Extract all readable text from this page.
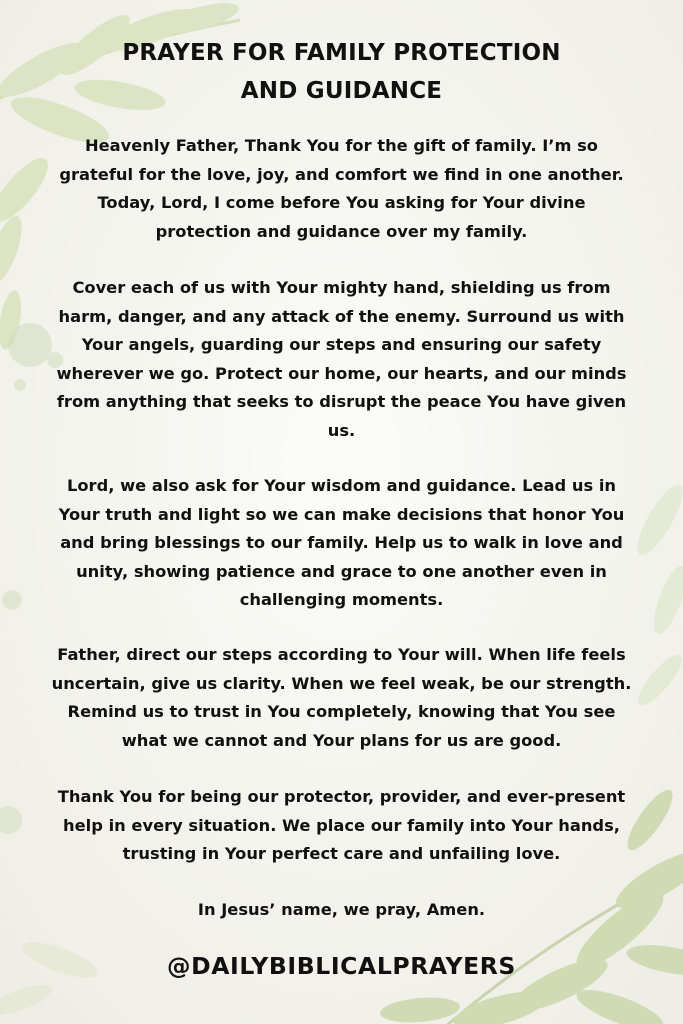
PRAYER FOR FAMILY PROTECTION
AND GUIDANCE

Heavenly Father, Thank You for the gift of family. I’m so
grateful for the love, joy, and comfort we find in one another.
Today, Lord, I come before You asking for Your divine
protection and guidance over my family.

Cover each of us with Your mighty hand, shielding us from
harm, danger, and any attack of the enemy. Surround us with
Your angels, guarding our steps and ensuring our safety
wherever we go. Protect our home, our hearts, and our minds
from anything that seeks to disrupt the peace You have given
us.

Lord, we also ask for Your wisdom and guidance. Lead us in
Your truth and light so we can make decisions that honor You
and bring blessings to our family. Help us to walk in love and
unity, showing patience and grace to one another even in
challenging moments.

Father, direct our steps according to Your will. When life feels
uncertain, give us clarity. When we feel weak, be our strength.
Remind us to trust in You completely, knowing that You see
what we cannot and Your plans for us are good.

Thank You for being our protector, provider, and ever-present
help in every situation. We place our family into Your hands,
trusting in Your perfect care and unfailing love.

In Jesus’ name, we pray, Amen.

@DAILYBIBLICALPRAYERS
